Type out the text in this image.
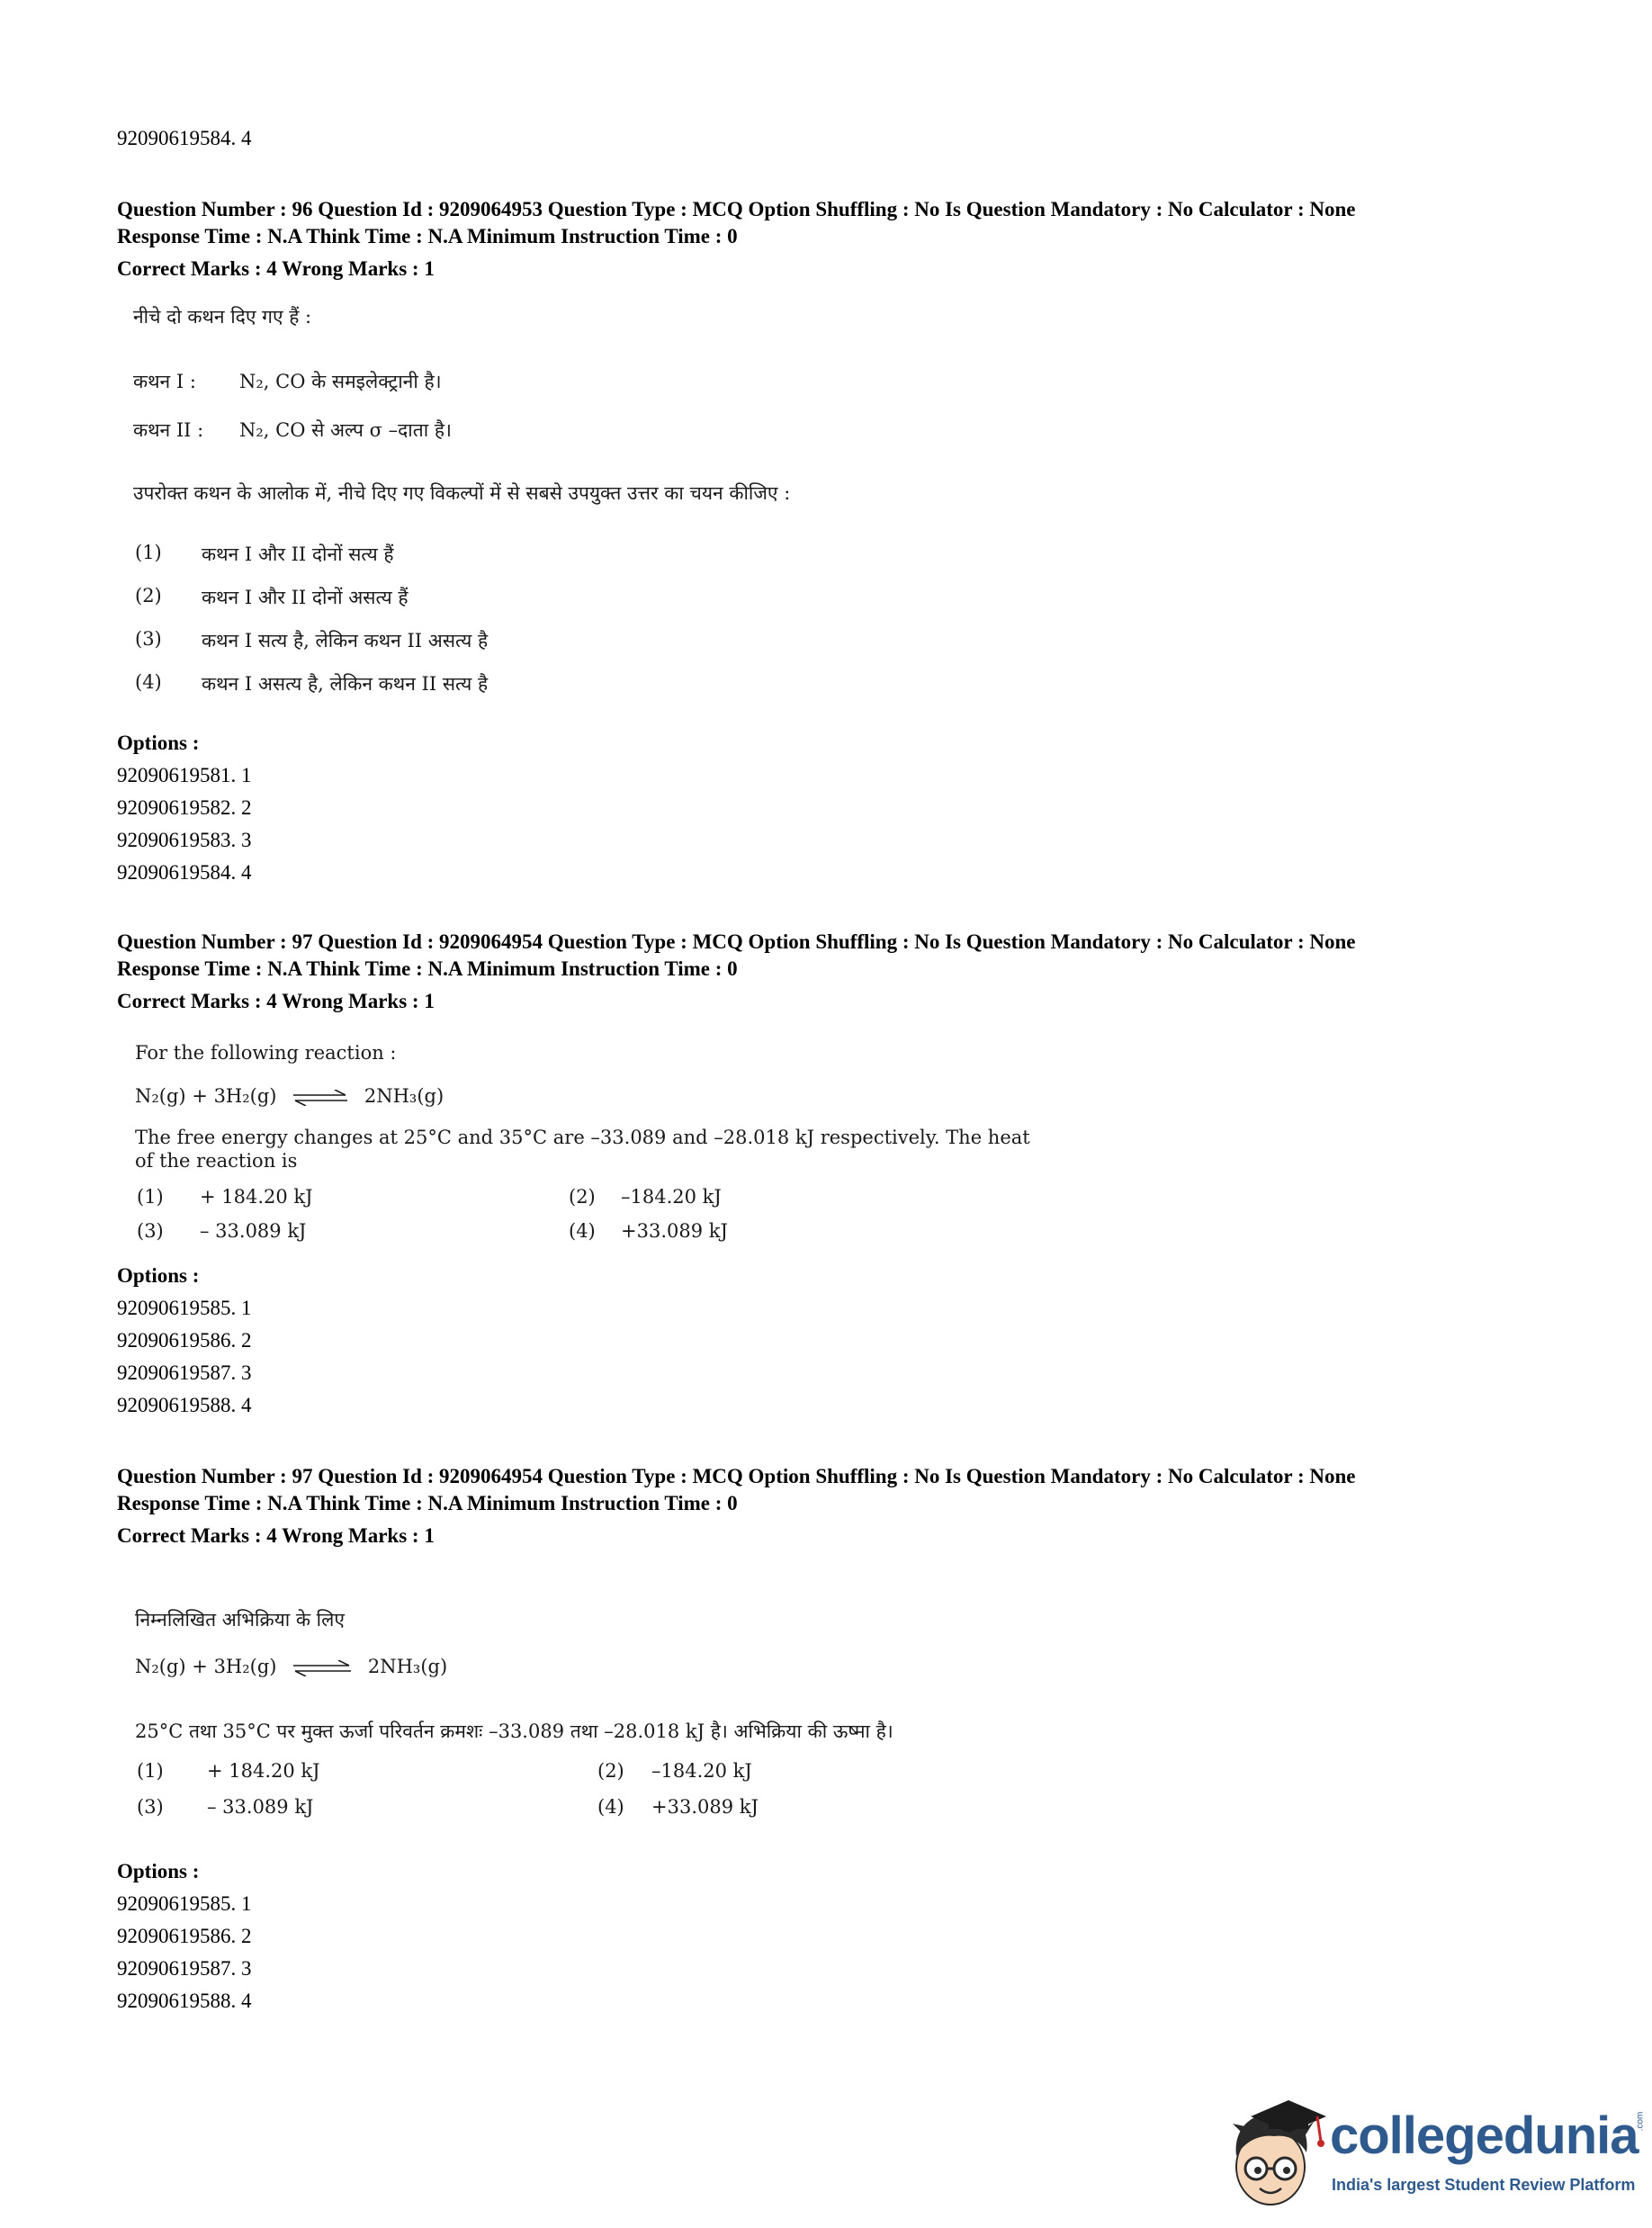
92090619584. 4
Question Number : 96 Question Id : 9209064953 Question Type : MCQ Option Shuffling : No Is Question Mandatory : No Calculator : None
Response Time : N.A Think Time : N.A Minimum Instruction Time : 0
Correct Marks : 4 Wrong Marks : 1
नीचे दो कथन दिए गए हैं :
कथन I : N₂, CO के समइलेक्ट्रानी है।
कथन II : N₂, CO से अल्प σ –दाता है।
उपरोक्त कथन के आलोक में, नीचे दिए गए विकल्पों में से सबसे उपयुक्त उत्तर का चयन कीजिए :
(1) कथन I और II दोनों सत्य हैं
(2) कथन I और II दोनों असत्य हैं
(3) कथन I सत्य है, लेकिन कथन II असत्य है
(4) कथन I असत्य है, लेकिन कथन II सत्य है
Options :
92090619581. 1
92090619582. 2
92090619583. 3
92090619584. 4
Question Number : 97 Question Id : 9209064954 Question Type : MCQ Option Shuffling : No Is Question Mandatory : No Calculator : None
Response Time : N.A Think Time : N.A Minimum Instruction Time : 0
Correct Marks : 4 Wrong Marks : 1
For the following reaction :
N₂(g) + 3H₂(g) ⇌ 2NH₃(g)
The free energy changes at 25°C and 35°C are –33.089 and –28.018 kJ respectively. The heat
of the reaction is
(1) + 184.20 kJ	(2) –184.20 kJ
(3) – 33.089 kJ	(4) +33.089 kJ
Options :
92090619585. 1
92090619586. 2
92090619587. 3
92090619588. 4
Question Number : 97 Question Id : 9209064954 Question Type : MCQ Option Shuffling : No Is Question Mandatory : No Calculator : None
Response Time : N.A Think Time : N.A Minimum Instruction Time : 0
Correct Marks : 4 Wrong Marks : 1
निम्नलिखित अभिक्रिया के लिए
N₂(g) + 3H₂(g) ⇌ 2NH₃(g)
25°C तथा 35°C पर मुक्त ऊर्जा परिवर्तन क्रमशः –33.089 तथा –28.018 kJ है। अभिक्रिया की ऊष्मा है।
(1) + 184.20 kJ	(2) –184.20 kJ
(3) – 33.089 kJ	(4) +33.089 kJ
Options :
92090619585. 1
92090619586. 2
92090619587. 3
92090619588. 4
collegedunia
.com
India's largest Student Review Platform
